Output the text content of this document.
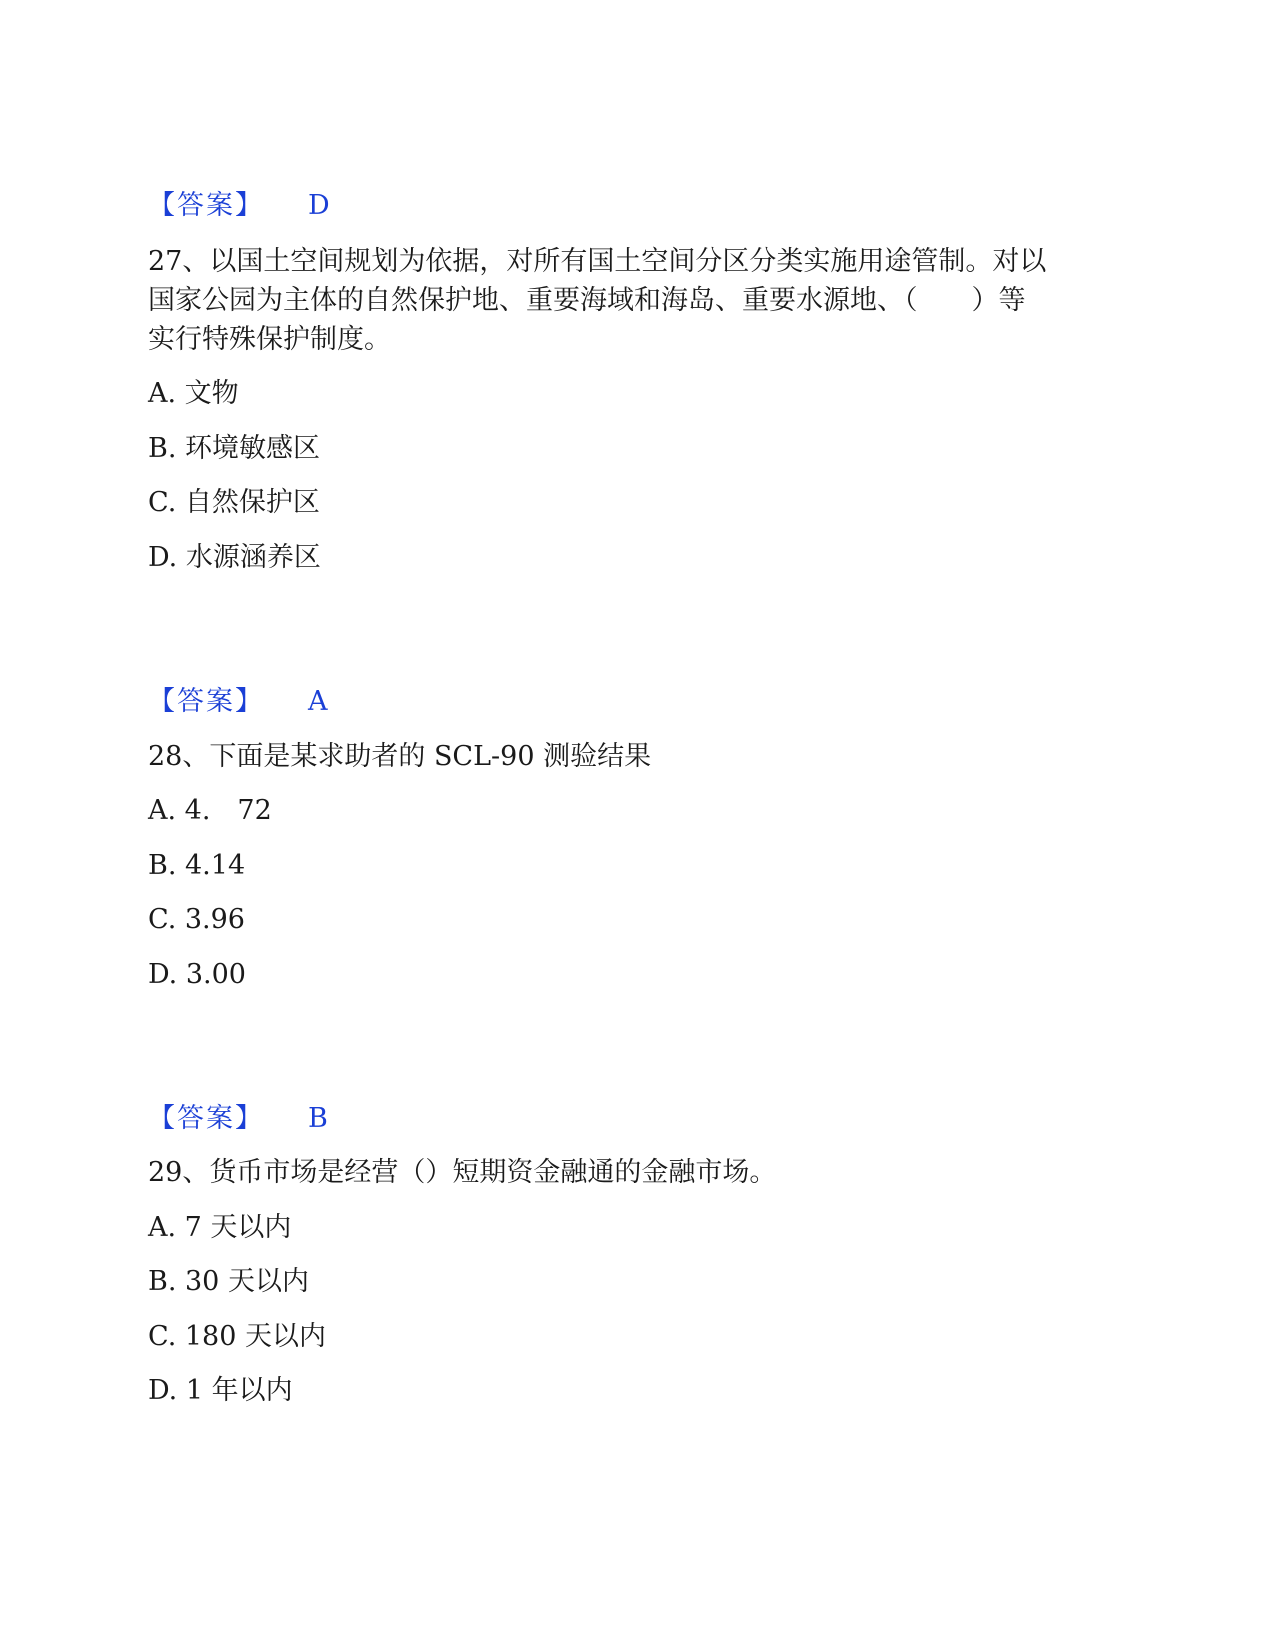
【答案】 D
27、以国土空间规划为依据，对所有国土空间分区分类实施用途管制。对以
国家公园为主体的自然保护地、重要海域和海岛、重要水源地、（　　）等
实行特殊保护制度。
A. 文物
B. 环境敏感区
C. 自然保护区
D. 水源涵养区
【答案】 A
28、下面是某求助者的 SCL-90 测验结果
A. 4.　72
B. 4.14
C. 3.96
D. 3.00
【答案】 B
29、货币市场是经营（）短期资金融通的金融市场。
A. 7 天以内
B. 30 天以内
C. 180 天以内
D. 1 年以内
